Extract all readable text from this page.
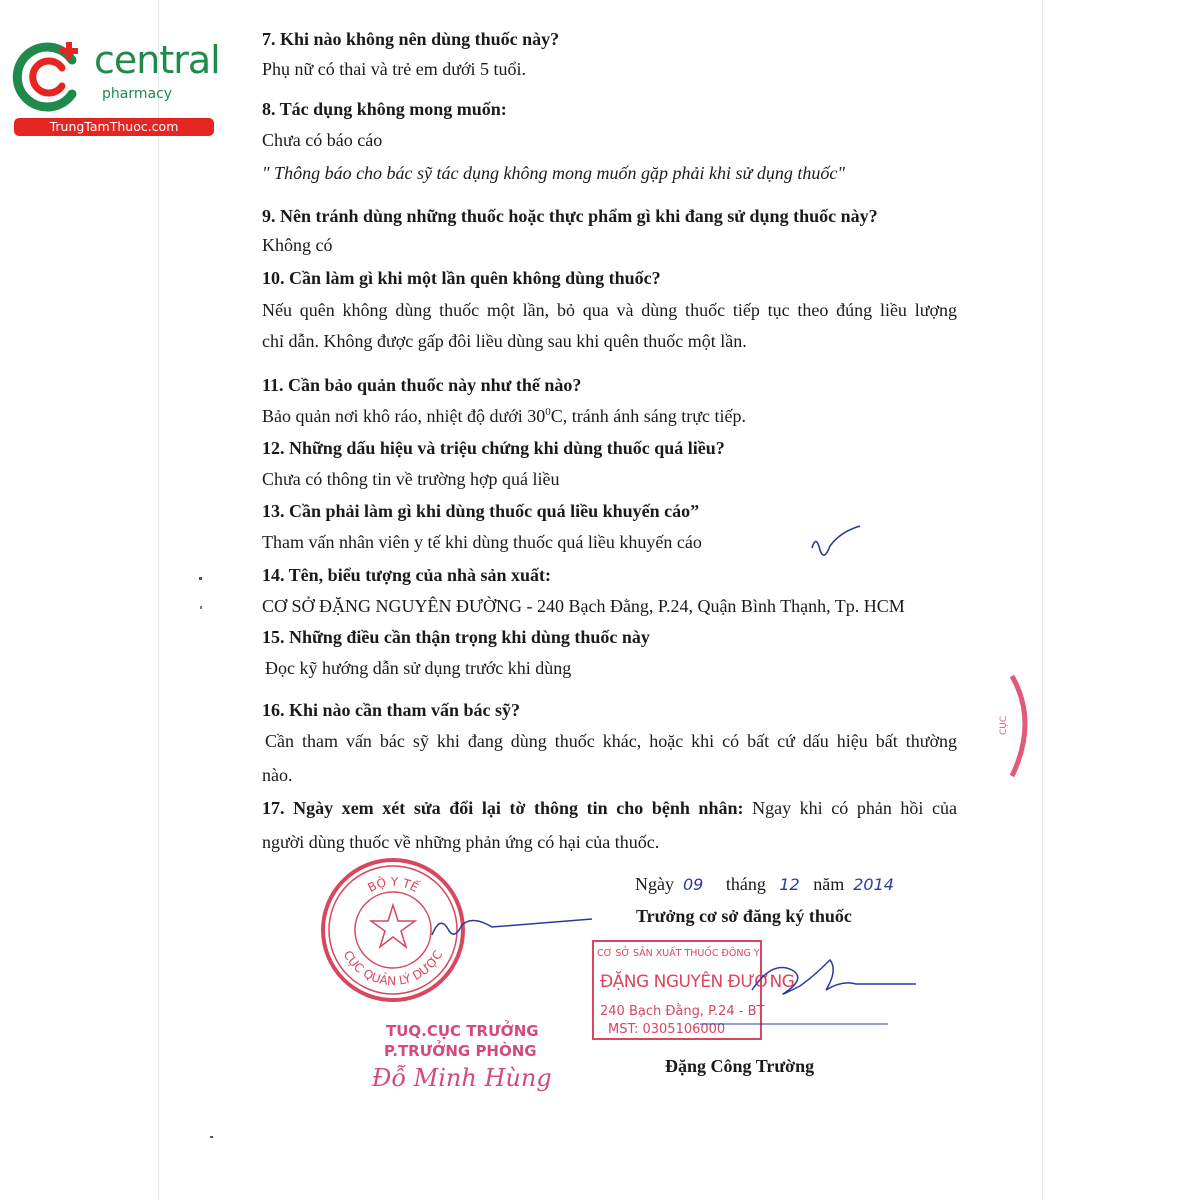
central
pharmacy
TrungTamThuoc.com
7. Khi nào không nên dùng thuốc này?
Phụ nữ có thai và trẻ em dưới 5 tuổi.
8. Tác dụng không mong muốn:
Chưa có báo cáo
" Thông báo cho bác sỹ tác dụng không mong muốn gặp phải khi sử dụng thuốc"
9. Nên tránh dùng những thuốc hoặc thực phẩm gì khi đang sử dụng thuốc này?
Không có
10. Cần làm gì khi một lần quên không dùng thuốc?
Nếu quên không dùng thuốc một lần, bỏ qua và dùng thuốc tiếp tục theo đúng liều lượng
chỉ dẫn. Không được gấp đôi liều dùng sau khi quên thuốc một lần.
11. Cần bảo quản thuốc này như thế nào?
Bảo quản nơi khô ráo, nhiệt độ dưới $30^0C$, tránh ánh sáng trực tiếp.
12. Những dấu hiệu và triệu chứng khi dùng thuốc quá liều?
Chưa có thông tin về trường hợp quá liều
13. Cần phải làm gì khi dùng thuốc quá liều khuyến cáo”
Tham vấn nhân viên y tế khi dùng thuốc quá liều khuyến cáo
14. Tên, biểu tượng của nhà sản xuất:
CƠ SỞ ĐẶNG NGUYÊN ĐƯỜNG - 240 Bạch Đằng, P.24, Quận Bình Thạnh, Tp. HCM
15. Những điều cần thận trọng khi dùng thuốc này
Đọc kỹ hướng dẫn sử dụng trước khi dùng
16. Khi nào cần tham vấn bác sỹ?
Cần tham vấn bác sỹ khi đang dùng thuốc khác, hoặc khi có bất cứ dấu hiệu bất thường
nào.
17. Ngày xem xét sửa đổi lại tờ thông tin cho bệnh nhân: Ngay khi có phản hồi của
người dùng thuốc về những phản ứng có hại của thuốc.
Ngày 09 tháng 12 năm 2014
Trưởng cơ sở đăng ký thuốc
Đặng Công Trường
BỘ Y TẾ
CỤC QUẢN LÝ DƯỢC	CƠ SỞ SẢN XUẤT THUỐC ĐÔNG Y
ĐẶNG NGUYÊN ĐƯỜNG
240 Bạch Đằng, P.24 - BT
MST: 0305106000
TUQ.CỤC TRƯỞNG
P.TRƯỞNG PHÒNG
Đỗ Minh Hùng
CỤC
